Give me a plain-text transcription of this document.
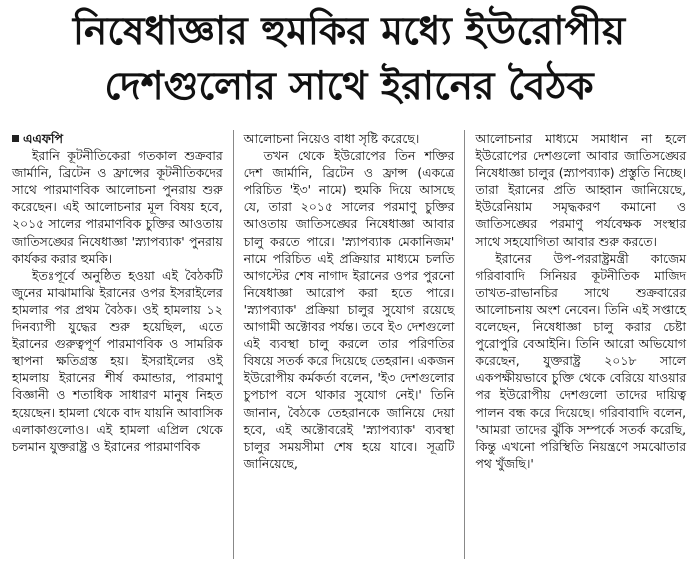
নিষেধাজ্ঞার হুমকির মধ্যে ইউরোপীয়
দেশগুলোর সাথে ইরানের বৈঠক
এএফপি

ইরানি কূটনীতিকেরা গতকাল শুক্রবার জার্মানি, ব্রিটেন ও ফ্রান্সের কূটনীতিকদের সাথে পারমাণবিক আলোচনা পুনরায় শুরু করেছেন। এই আলোচনার মূল বিষয় হবে, ২০১৫ সালের পারমাণবিক চুক্তির আওতায় জাতিসঙ্ঘের নিষেধাজ্ঞা 'স্ন্যাপব্যাক' পুনরায় কার্যকর করার হুমকি।

ইতঃপূর্বে অনুষ্ঠিত হওয়া এই বৈঠকটি জুনের মাঝামাঝি ইরানের ওপর ইসরাইলের হামলার পর প্রথম বৈঠক। ওই হামলায় ১২ দিনব্যাপী যুদ্ধের শুরু হয়েছিল, এতে ইরানের গুরুত্বপূর্ণ পারমাণবিক ও সামরিক স্থাপনা ক্ষতিগ্রস্ত হয়। ইসরাইলের ওই হামলায় ইরানের শীর্ষ কমান্ডার, পারমাণু বিজ্ঞানী ও শতাধিক সাধারণ মানুষ নিহত হয়েছেন। হামলা থেকে বাদ যায়নি আবাসিক এলাকাগুলোও। এই হামলা এপ্রিল থেকে চলমান যুক্তরাষ্ট্র ও ইরানের পারমাণবিক

আলোচনা নিয়েও বাধা সৃষ্টি করেছে।

তখন থেকে ইউরোপের তিন শক্তির দেশ জার্মানি, ব্রিটেন ও ফ্রান্স (একত্রে পরিচিত 'ই৩' নামে) হুমকি দিয়ে আসছে যে, তারা ২০১৫ সালের পরমাণু চুক্তির আওতায় জাতিসঙ্ঘের নিষেধাজ্ঞা আবার চালু করতে পারে। 'স্ন্যাপব্যাক মেকানিজম' নামে পরিচিত এই প্রক্রিয়ার মাধ্যমে চলতি আগস্টের শেষ নাগাদ ইরানের ওপর পুরনো নিষেধাজ্ঞা আরোপ করা হতে পারে। 'স্ন্যাপব্যাক' প্রক্রিয়া চালুর সুযোগ রয়েছে আগামী অক্টোবর পর্যন্ত। তবে ই৩ দেশগুলো এই ব্যবস্থা চালু করলে তার পরিণতির বিষয়ে সতর্ক করে দিয়েছে তেহরান। একজন ইউরোপীয় কর্মকর্তা বলেন, 'ই৩ দেশগুলোর চুপচাপ বসে থাকার সুযোগ নেই।' তিনি জানান, বৈঠকে তেহরানকে জানিয়ে দেয়া হবে, এই অক্টোবরেই 'স্ন্যাপব্যাক' ব্যবস্থা চালুর সময়সীমা শেষ হয়ে যাবে। সূত্রটি জানিয়েছে,

আলোচনার মাধ্যমে সমাধান না হলে ইউরোপের দেশগুলো আবার জাতিসঙ্ঘের নিষেধাজ্ঞা চালুর (স্ন্যাপব্যাক) প্রস্তুতি নিচ্ছে। তারা ইরানের প্রতি আহ্বান জানিয়েছে, ইউরেনিয়াম সমৃদ্ধকরণ কমানো ও জাতিসঙ্ঘের পরমাণু পর্যবেক্ষক সংস্থার সাথে সহযোগিতা আবার শুরু করতে।

ইরানের উপ-পররাষ্ট্রমন্ত্রী কাজেম গরিবাবাদি সিনিয়র কূটনীতিক মাজিদ তাখত-রাভানচির সাথে শুক্রবারের আলোচনায় অংশ নেবেন। তিনি এই সপ্তাহে বলেছেন, নিষেধাজ্ঞা চালু করার চেষ্টা পুরোপুরি বেআইনি। তিনি আরো অভিযোগ করেছেন, যুক্তরাষ্ট্র ২০১৮ সালে একপক্ষীয়ভাবে চুক্তি থেকে বেরিয়ে যাওয়ার পর ইউরোপীয় দেশগুলো তাদের দায়িত্ব পালন বন্ধ করে দিয়েছে। গরিবাবাদি বলেন, 'আমরা তাদের ঝুঁকি সম্পর্কে সতর্ক করেছি, কিন্তু এখনো পরিস্থিতি নিয়ন্ত্রণে সমঝোতার পথ খুঁজছি।'
